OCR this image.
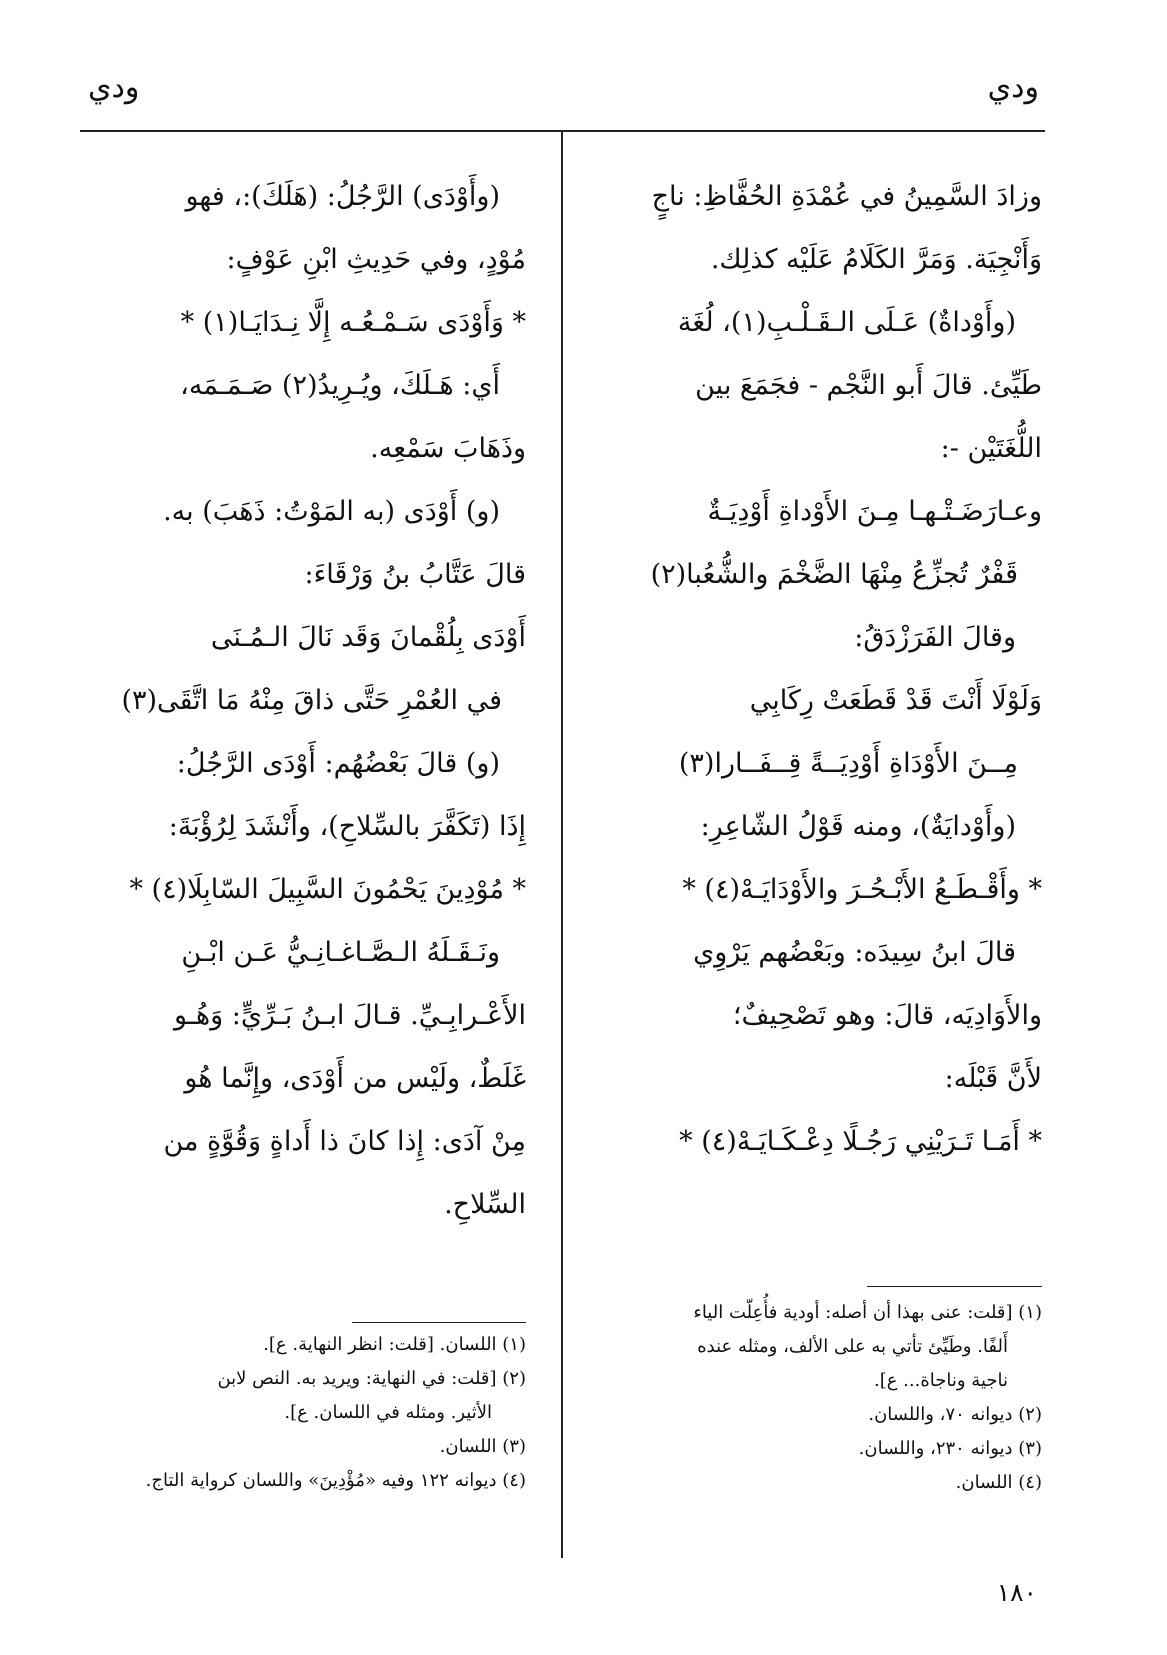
ودي
ودي
وزادَ السَّمِينُ في عُمْدَةِ الحُفَّاظِ: ناجٍ
وَأَنْجِيَة. وَمَرَّ الكَلَامُ عَلَيْه كذلِك.
(وأَوْداةٌ) عَـلَى الـقَـلْـبِ(١)، لُغَة
طَيِّئ. قالَ أَبو النَّجْم - فجَمَعَ بين
اللُّغَتَيْن -:
وعـارَضَـتْـهـا مِـنَ الأَوْداةِ أَوْدِيَـةٌ
قَفْرٌ تُجزِّعُ مِنْهَا الضَّخْمَ والشُّعُبا(٢)
وقالَ الفَرَزْدَقُ:
وَلَوْلَا أَنْتَ قَدْ قَطَعَتْ رِكَابِي
مِــنَ الأَوْدَاةِ أَوْدِيَــةً قِــفَــارا(٣)
(وأَوْدايَةٌ)، ومنه قَوْلُ الشّاعِرِ:
* وأَقْـطَـعُ الأَبْـحُـرَ والأَوْدَايَـهْ(٤) *
قالَ ابنُ سِيدَه: وبَعْضُهم يَرْوِي
والأَوَادِيَه، قالَ: وهو تَصْحِيفٌ؛
لأَنَّ قَبْلَه:
* أَمَـا تَـرَيْنِي رَجُـلًا دِعْـكَـايَـهْ(٤) *
(١) [قلت: عنى بهذا أن أصله: أودية فأُعِلّت الياء
أَلفًا. وطَيِّئ تأتي به على الألف، ومثله عنده
ناجية وناجاة... ع].
(٢) ديوانه ٧٠، واللسان.
(٣) ديوانه ٢٣٠، واللسان.
(٤) اللسان.
(وأَوْدَى) الرَّجُلُ: (هَلَكَ):، فهو
مُوْدٍ، وفي حَدِيثِ ابْنِ عَوْفٍ:
* وَأَوْدَى سَـمْـعُـه إِلَّا نِـدَايَـا(١) *
أَي: هَـلَكَ، ويُـرِيدُ(٢) صَـمَـمَه،
وذَهَابَ سَمْعِه.
(و) أَوْدَى (به المَوْتُ: ذَهَبَ) به.
قالَ عَتَّابُ بنُ وَرْقَاءَ:
أَوْدَى بِلُقْمانَ وَقَد نَالَ الـمُـنَى
في العُمْرِ حَتَّى ذاقَ مِنْهُ مَا اتَّقَى(٣)
(و) قالَ بَعْضُهُم: أَوْدَى الرَّجُلُ:
إِذَا (تَكَفَّرَ بالسِّلاحِ)، وأَنْشَدَ لِرُؤْبَةَ:
* مُوْدِينَ يَحْمُونَ السَّبِيلَ السّابِلَا(٤) *
ونَـقَـلَهُ الـصَّـاغـانِـيُّ عَـن ابْـنِ
الأَعْـرابِـيِّ. قـالَ ابـنُ بَـرِّيٍّ: وَهُـو
غَلَطٌ، ولَيْس من أَوْدَى، وإِنَّما هُو
مِنْ آدَى: إِذا كانَ ذا أَداةٍ وَقُوَّةٍ من
السِّلاحِ.
(١) اللسان. [قلت: انظر النهاية. ع].
(٢) [قلت: في النهاية: ويريد به. النص لابن
الأثير. ومثله في اللسان. ع].
(٣) اللسان.
(٤) ديوانه ١٢٢ وفيه «مُؤْدِينَ» واللسان كرواية التاج.
١٨٠
